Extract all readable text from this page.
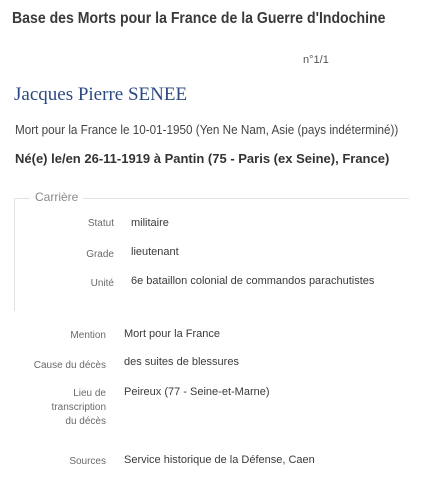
Base des Morts pour la France de la Guerre d'Indochine
n°1/1
Jacques Pierre SENEE
Mort pour la France le 10-01-1950 (Yen Ne Nam, Asie (pays indéterminé))
Né(e) le/en 26-11-1919 à Pantin (75 - Paris (ex Seine), France)
Carrière
Statut militaire
Grade lieutenant
Unité 6e bataillon colonial de commandos parachutistes
Mention Mort pour la France
Cause du décès des suites de blessures
Lieu de transcription du décès
Peireux (77 - Seine-et-Marne)
Sources Service historique de la Défense, Caen
